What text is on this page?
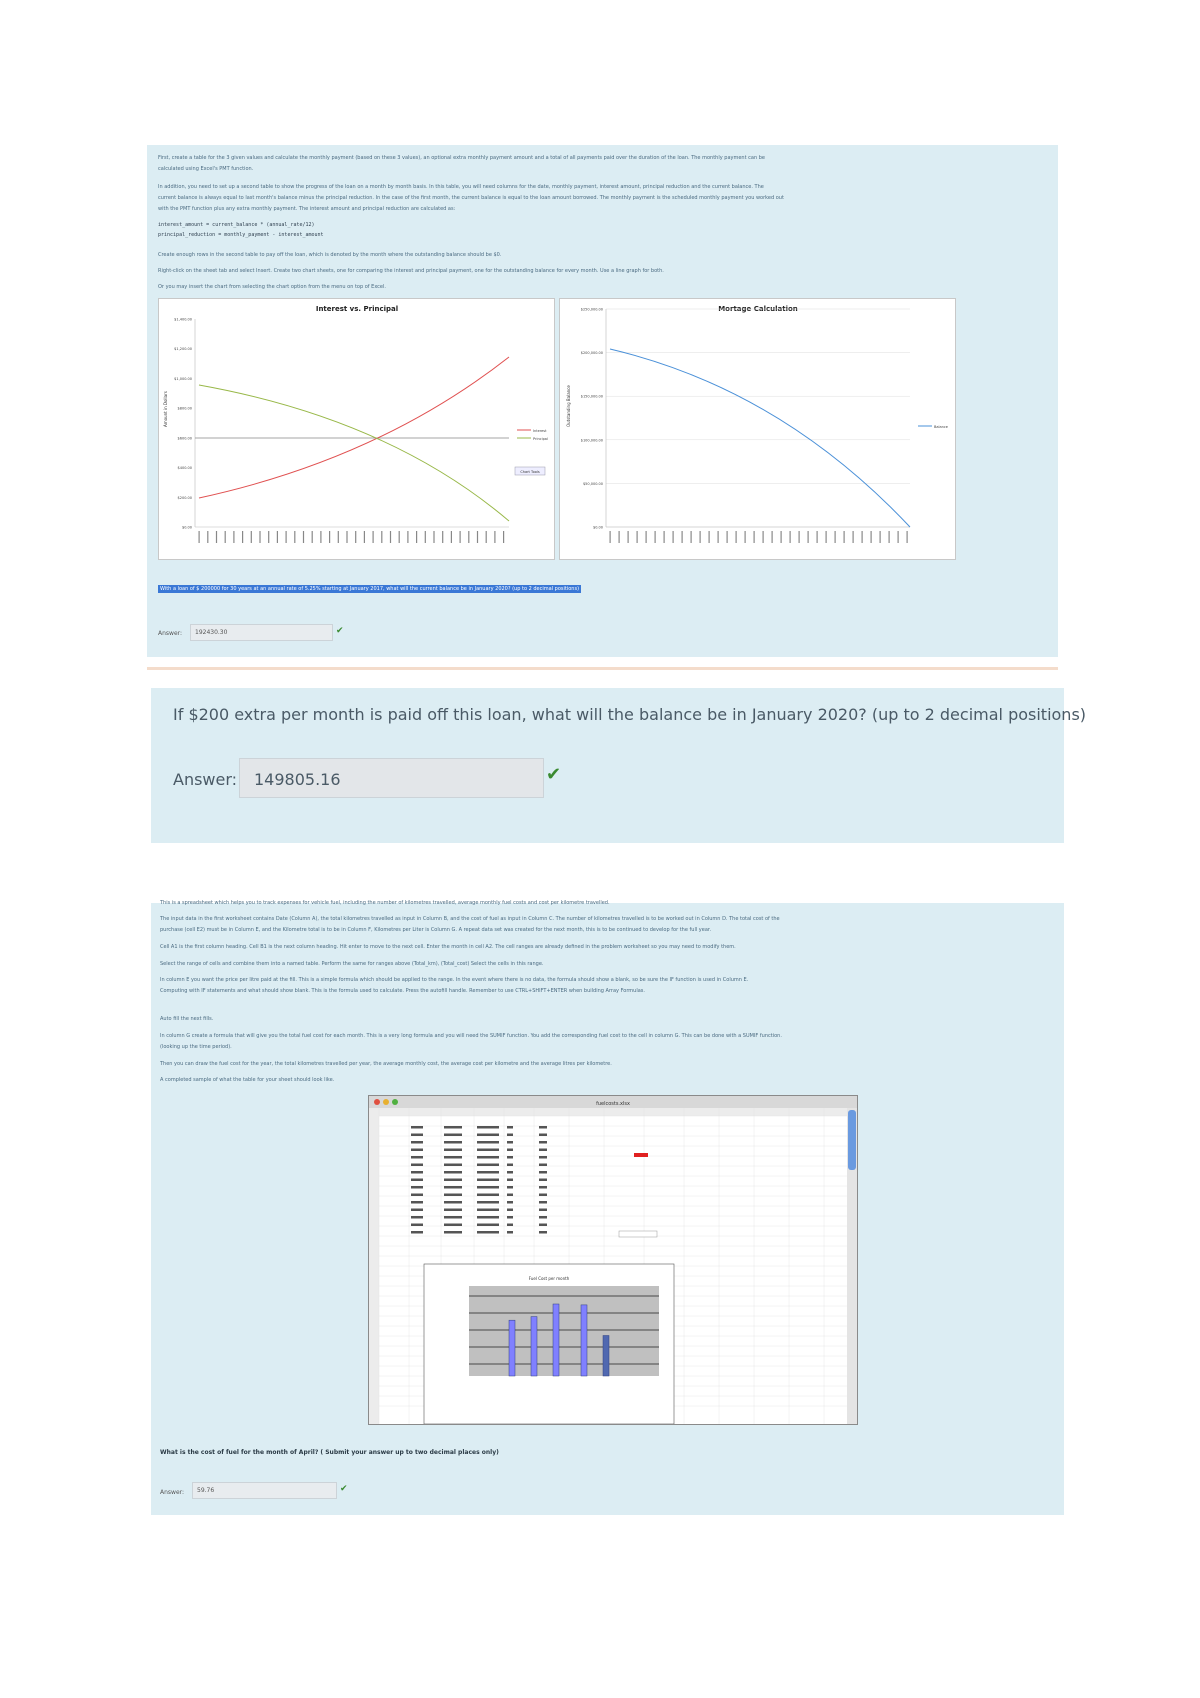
First, create a table for the 3 given values and calculate the monthly payment (based on these 3 values), an optional extra monthly payment amount and a total of all payments paid over the duration of the loan. The monthly payment can be
calculated using Excel's PMT function.
In addition, you need to set up a second table to show the progress of the loan on a month by month basis. In this table, you will need columns for the date, monthly payment, interest amount, principal reduction and the current balance. The
current balance is always equal to last month's balance minus the principal reduction. In the case of the first month, the current balance is equal to the loan amount borrowed. The monthly payment is the scheduled monthly payment you worked out
with the PMT function plus any extra monthly payment. The interest amount and principal reduction are calculated as:
interest_amount = current_balance * (annual_rate/12)
principal_reduction = monthly_payment - interest_amount
Create enough rows in the second table to pay off the loan, which is denoted by the month where the outstanding balance should be $0.
Right-click on the sheet tab and select Insert. Create two chart sheets, one for comparing the interest and principal payment, one for the outstanding balance for every month. Use a line graph for both.
Or you may insert the chart from selecting the chart option from the menu on top of Excel.
Interest vs. Principal
Amount in Dollars
$1,400.00
$1,200.00
$1,000.00
$800.00
$600.00
$400.00
$200.00
$0.00
Interest
Principal
Chart Tools
Mortage Calculation
Outstanding Balance
$250,000.00
$200,000.00
$150,000.00
$100,000.00
$50,000.00
$0.00
Balance
With a loan of $ 200000 for 30 years at an annual rate of 5.25% starting at January 2017, what will the current balance be in January 2020? (up to 2 decimal positions)
Answer:	192430.30	✔
If $200 extra per month is paid off this loan, what will the balance be in January 2020? (up to 2 decimal positions)
Answer:	149805.16	✔
This is a spreadsheet which helps you to track expenses for vehicle fuel, including the number of kilometres travelled, average monthly fuel costs and cost per kilometre travelled.
The input data in the first worksheet contains Date (Column A), the total kilometres travelled as input in Column B, and the cost of fuel as input in Column C. The number of kilometres travelled is to be worked out in Column D. The total cost of the
purchase (cell E2) must be in Column E, and the Kilometre total is to be in Column F, Kilometres per Liter is Column G. A repeat data set was created for the next month, this is to be continued to develop for the full year.
Cell A1 is the first column heading. Cell B1 is the next column heading. Hit enter to move to the next cell. Enter the month in cell A2. The cell ranges are already defined in the problem worksheet so you may need to modify them.
Select the range of cells and combine them into a named table. Perform the same for ranges above (Total_km), (Total_cost) Select the cells in this range.
In column E you want the price per litre paid at the fill. This is a simple formula which should be applied to the range. In the event where there is no data, the formula should show a blank, so be sure the IF function is used in Column E.
Computing with IF statements and what should show blank. This is the formula used to calculate. Press the autofill handle. Remember to use CTRL+SHIFT+ENTER when building Array Formulas.
Auto fill the next fills.
In column G create a formula that will give you the total fuel cost for each month. This is a very long formula and you will need the SUMIF function. You add the corresponding fuel cost to the cell in column G. This can be done with a SUMIF function.
(looking up the time period).
Then you can draw the fuel cost for the year, the total kilometres travelled per year, the average monthly cost, the average cost per kilometre and the average litres per kilometre.
A completed sample of what the table for your sheet should look like.
fuelcosts.xlsx
Fuel Cost per month
What is the cost of fuel for the month of April? ( Submit your answer up to two decimal places only)
Answer:	59.76	✔
